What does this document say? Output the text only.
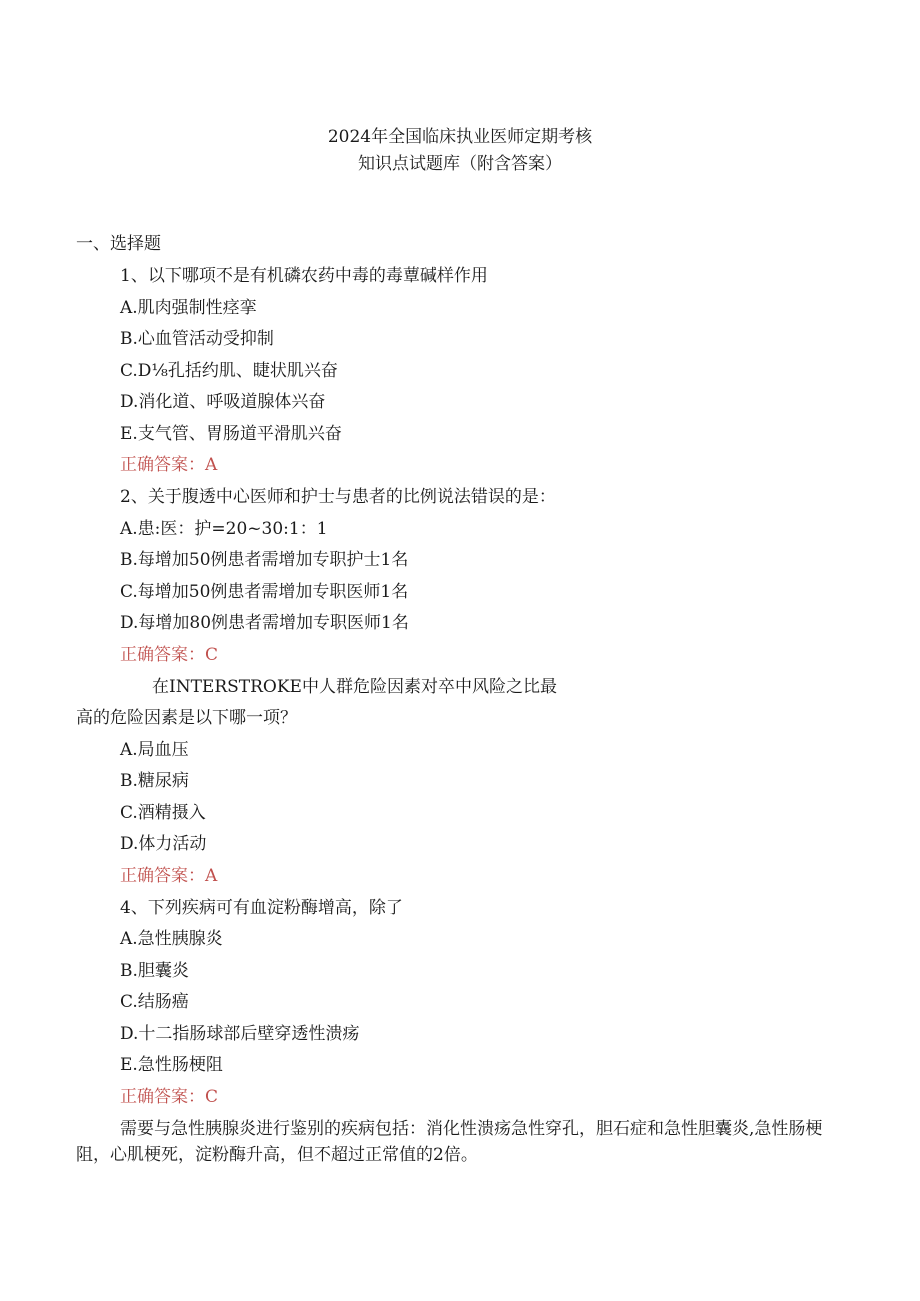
2024年全国临床执业医师定期考核
知识点试题库（附含答案）
一、选择题
1、以下哪项不是有机磷农药中毒的毒蕈碱样作用
A.肌肉强制性痉挛
B.心血管活动受抑制
C.D⅛孔括约肌、睫状肌兴奋
D.消化道、呼吸道腺体兴奋
E.支气管、胃肠道平滑肌兴奋
正确答案：A
2、关于腹透中心医师和护士与患者的比例说法错误的是：
A.患:医：护=20~30:1：1
B.每增加50例患者需增加专职护士1名
C.每增加50例患者需增加专职医师1名
D.每增加80例患者需增加专职医师1名
正确答案：C
在INTERSTROKE中人群危险因素对卒中风险之比最
高的危险因素是以下哪一项？
A.局血压
B.糖尿病
C.酒精摄入
D.体力活动
正确答案：A
4、下列疾病可有血淀粉酶增高，除了
A.急性胰腺炎
B.胆囊炎
C.结肠癌
D.十二指肠球部后壁穿透性溃疡
E.急性肠梗阻
正确答案：C
需要与急性胰腺炎进行鉴别的疾病包括：消化性溃疡急性穿孔，胆石症和急性胆囊炎,急性肠梗阻，心肌梗死，淀粉酶升高，但不超过正常值的2倍。
